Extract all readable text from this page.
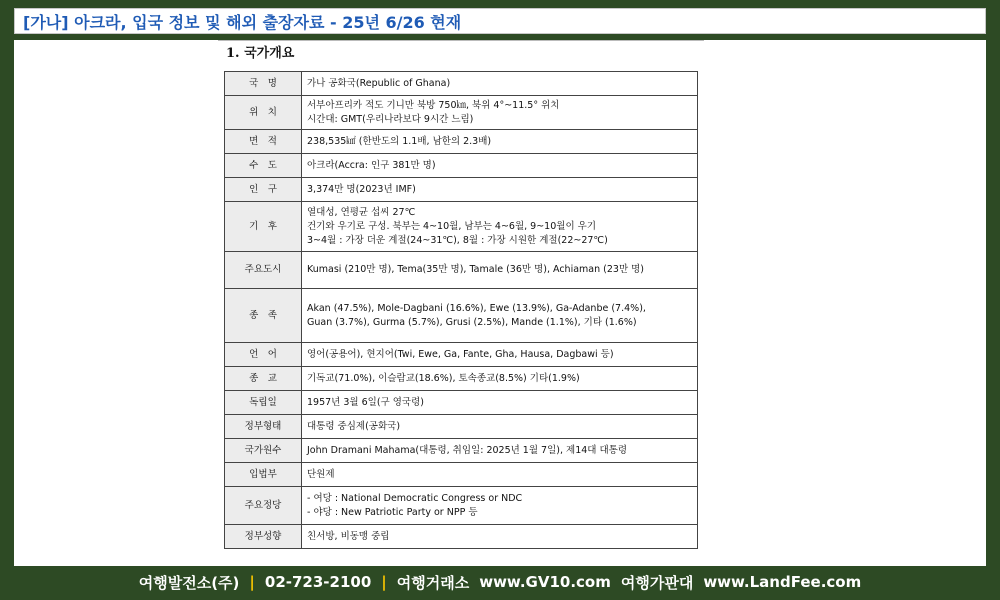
[가나] 아크라, 입국 정보 및 해외 출장자료 - 25년 6/26 현재
1. 국가개요
국　명	가나 공화국(Republic of Ghana)

위　치	서부아프리카 적도 기니만 북방 750㎞, 북위 4°~11.5° 위치
시간대: GMT(우리나라보다 9시간 느림)

면　적	238,535㎢ (한반도의 1.1배, 남한의 2.3배)

수　도	아크라(Accra: 인구 381만 명)

인　구	3,374만 명(2023년 IMF)

기　후	열대성, 연평균 섭씨 27℃
건기와 우기로 구성. 북부는 4~10월, 남부는 4~6월, 9~10월이 우기
3~4월 : 가장 더운 계절(24~31℃), 8월 : 가장 시원한 계절(22~27℃)

주요도시	Kumasi (210만 명), Tema(35만 명), Tamale (36만 명), Achiaman (23만 명)

종　족	Akan (47.5%), Mole-Dagbani (16.6%), Ewe (13.9%), Ga-Adanbe (7.4%),
Guan (3.7%), Gurma (5.7%), Grusi (2.5%), Mande (1.1%), 기타 (1.6%)

언　어	영어(공용어), 현지어(Twi, Ewe, Ga, Fante, Gha, Hausa, Dagbawi 등)

종　교	기독교(71.0%), 이슬람교(18.6%), 토속종교(8.5%) 기타(1.9%)

독립일	1957년 3월 6일(구 영국령)

정부형태	대통령 중심제(공화국)

국가원수	John Dramani Mahama(대통령, 취임일: 2025년 1월 7일), 제14대 대통령

입법부	단원제

주요정당	- 여당 : National Democratic Congress or NDC
- 야당 : New Patriotic Party or NPP 등

정부성향	친서방, 비동맹 중립
여행발전소(주) | 02-723-2100 | 여행거래소 www.GV10.com 여행가판대 www.LandFee.com
